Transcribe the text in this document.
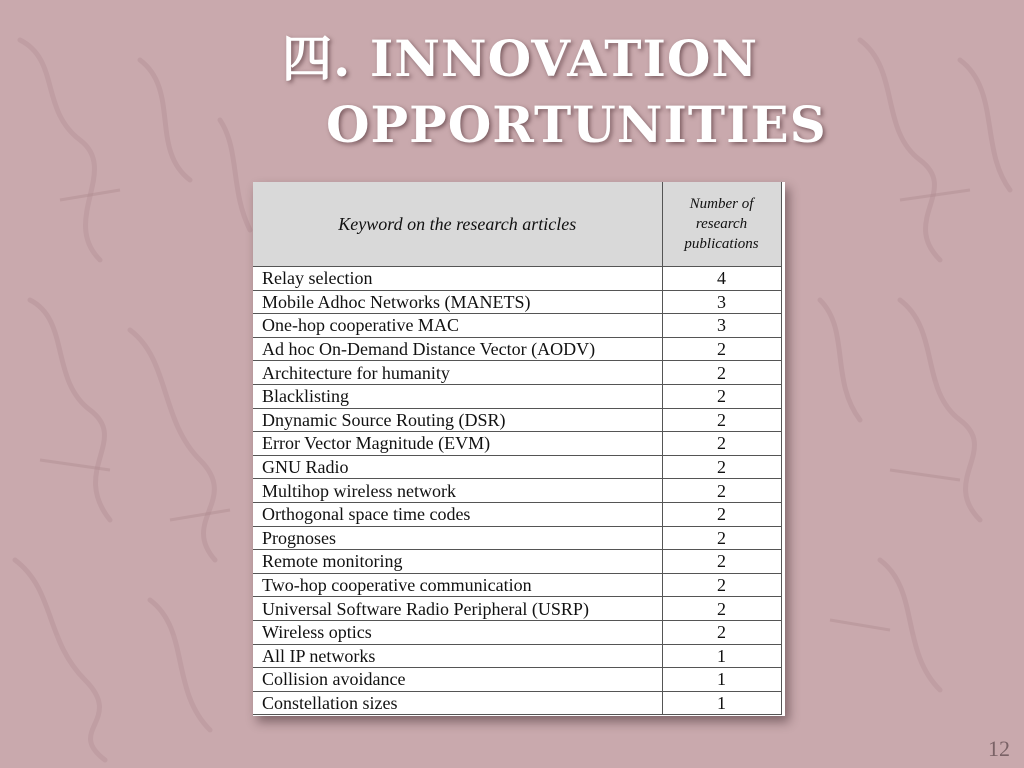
四. INNOVATION
OPPORTUNITIES
Keyword on the research articles	Number of
research
publications
Relay selection	4
Mobile Adhoc Networks (MANETS)	3
One-hop cooperative MAC	3
Ad hoc On-Demand Distance Vector (AODV)	2
Architecture for humanity	2
Blacklisting	2
Dnynamic Source Routing (DSR)	2
Error Vector Magnitude (EVM)	2
GNU Radio	2
Multihop wireless network	2
Orthogonal space time codes	2
Prognoses	2
Remote monitoring	2
Two-hop cooperative communication	2
Universal Software Radio Peripheral (USRP)	2
Wireless optics	2
All IP networks	1
Collision avoidance	1
Constellation sizes	1
12
